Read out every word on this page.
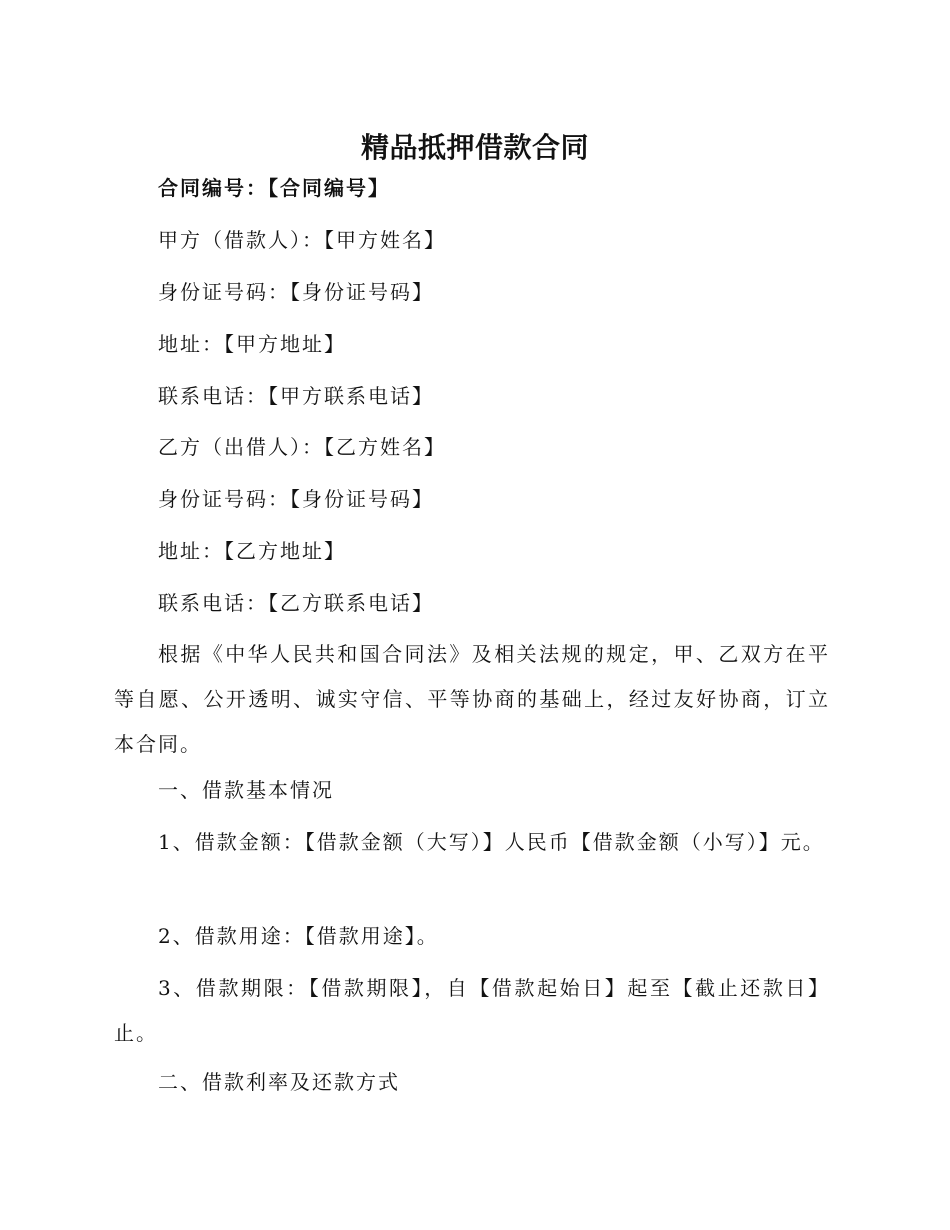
精品抵押借款合同
合同编号：【合同编号】
甲方（借款人）：【甲方姓名】
身份证号码：【身份证号码】
地址：【甲方地址】
联系电话：【甲方联系电话】
乙方（出借人）：【乙方姓名】
身份证号码：【身份证号码】
地址：【乙方地址】
联系电话：【乙方联系电话】
根据《中华人民共和国合同法》及相关法规的规定，甲、乙双方在平等自愿、公开透明、诚实守信、平等协商的基础上，经过友好协商，订立本合同。
一、借款基本情况
1、借款金额：【借款金额（大写）】人民币【借款金额（小写）】元。
2、借款用途：【借款用途】。
3、借款期限：【借款期限】，自【借款起始日】起至【截止还款日】止。
二、借款利率及还款方式
